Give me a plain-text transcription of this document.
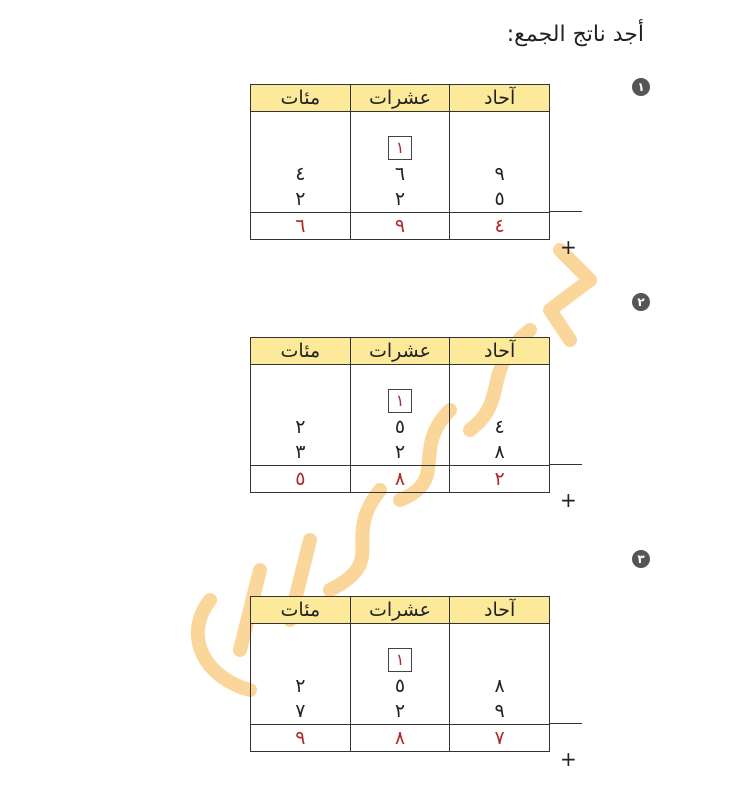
أجد ناتج الجمع:
١
مئات	عشرات	آحاد
	١	
٤	٦	٩
٢	٢	٥
٦	٩	٤
+
٢
مئات	عشرات	آحاد
	١	
٢	٥	٤
٣	٢	٨
٥	٨	٢
+
٣
مئات	عشرات	آحاد
	١	
٢	٥	٨
٧	٢	٩
٩	٨	٧
+
